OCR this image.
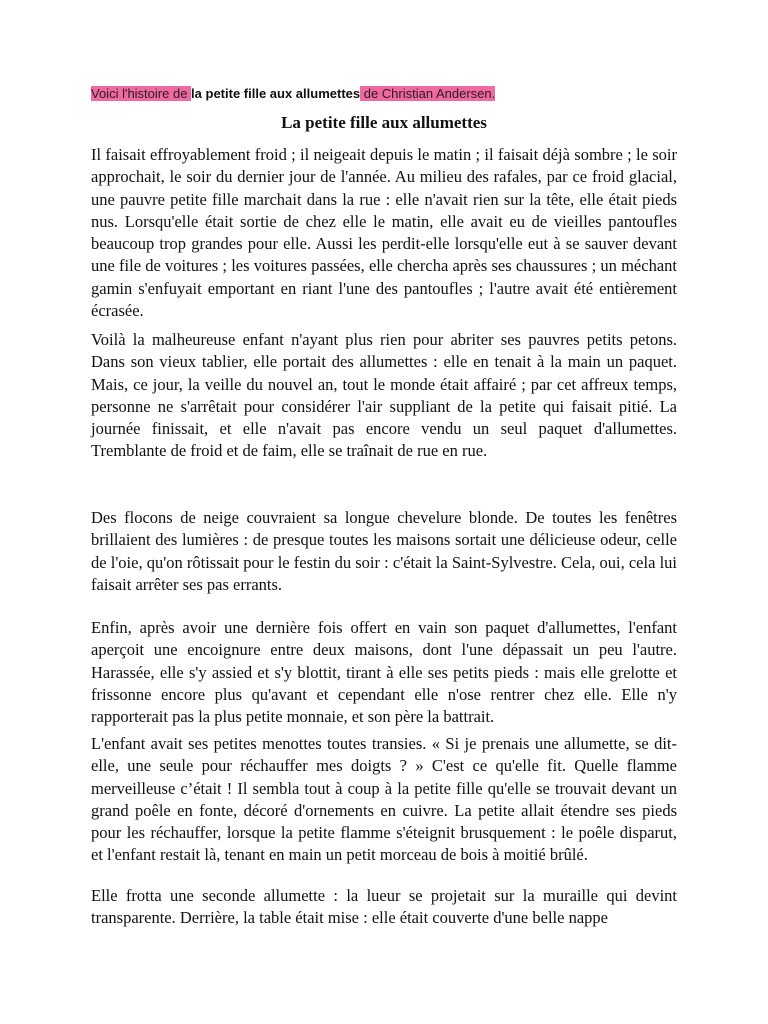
Voici l'histoire de la petite fille aux allumettes de Christian Andersen.

La petite fille aux allumettes

Il faisait effroyablement froid ; il neigeait depuis le matin ; il faisait déjà sombre ; le soir approchait, le soir du dernier jour de l'année. Au milieu des rafales, par ce froid glacial, une pauvre petite fille marchait dans la rue : elle n'avait rien sur la tête, elle était pieds nus. Lorsqu'elle était sortie de chez elle le matin, elle avait eu de vieilles pantoufles beaucoup trop grandes pour elle. Aussi les perdit-elle lorsqu'elle eut à se sauver devant une file de voitures ; les voitures passées, elle chercha après ses chaussures ; un méchant gamin s'enfuyait emportant en riant l'une des pantoufles ; l'autre avait été entièrement écrasée.

Voilà la malheureuse enfant n'ayant plus rien pour abriter ses pauvres petits petons. Dans son vieux tablier, elle portait des allumettes : elle en tenait à la main un paquet. Mais, ce jour, la veille du nouvel an, tout le monde était affairé ; par cet affreux temps, personne ne s'arrêtait pour considérer l'air suppliant de la petite qui faisait pitié. La journée finissait, et elle n'avait pas encore vendu un seul paquet d'allumettes. Tremblante de froid et de faim, elle se traînait de rue en rue.

Des flocons de neige couvraient sa longue chevelure blonde. De toutes les fenêtres brillaient des lumières : de presque toutes les maisons sortait une délicieuse odeur, celle de l'oie, qu'on rôtissait pour le festin du soir : c'était la Saint-Sylvestre. Cela, oui, cela lui faisait arrêter ses pas errants.

Enfin, après avoir une dernière fois offert en vain son paquet d'allumettes, l'enfant aperçoit une encoignure entre deux maisons, dont l'une dépassait un peu l'autre. Harassée, elle s'y assied et s'y blottit, tirant à elle ses petits pieds : mais elle grelotte et frissonne encore plus qu'avant et cependant elle n'ose rentrer chez elle. Elle n'y rapporterait pas la plus petite monnaie, et son père la battrait.

L'enfant avait ses petites menottes toutes transies. « Si je prenais une allumette, se dit-elle, une seule pour réchauffer mes doigts ? » C'est ce qu'elle fit. Quelle flamme merveilleuse c’était ! Il sembla tout à coup à la petite fille qu'elle se trouvait devant un grand poêle en fonte, décoré d'ornements en cuivre. La petite allait étendre ses pieds pour les réchauffer, lorsque la petite flamme s'éteignit brusquement : le poêle disparut, et l'enfant restait là, tenant en main un petit morceau de bois à moitié brûlé.

Elle frotta une seconde allumette : la lueur se projetait sur la muraille qui devint transparente. Derrière, la table était mise : elle était couverte d'une belle nappe
